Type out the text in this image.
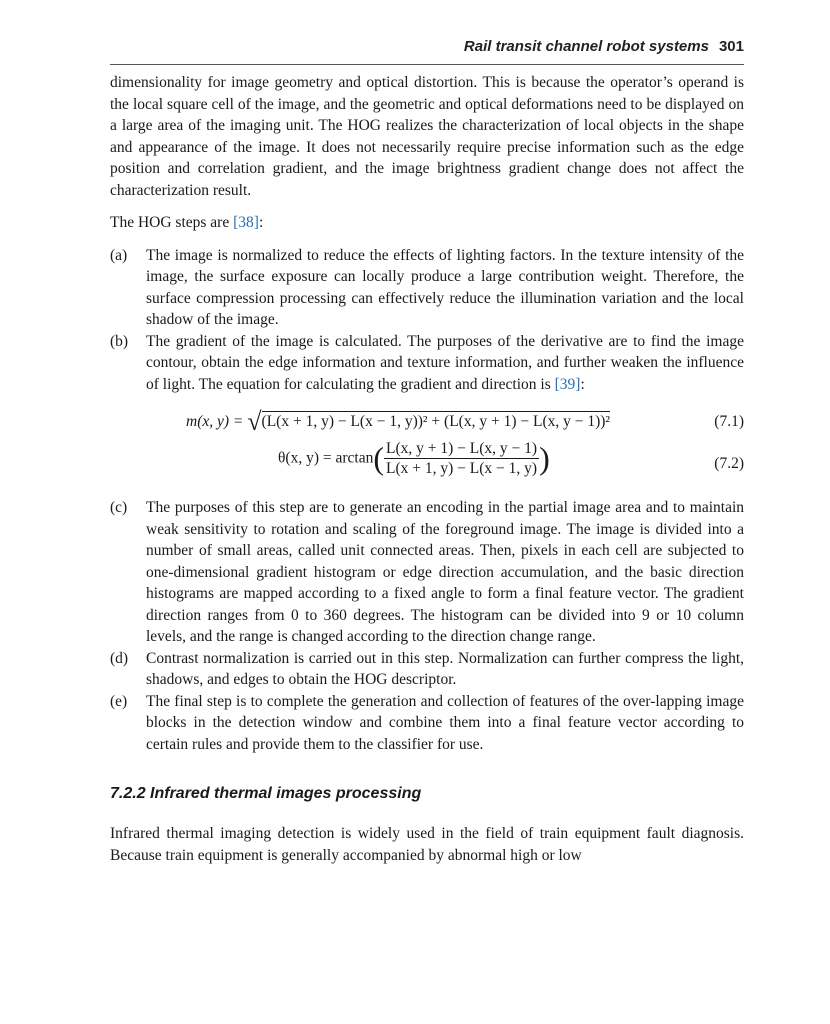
Rail transit channel robot systems 301

dimensionality for image geometry and optical distortion. This is because the operator’s operand is the local square cell of the image, and the geometric and optical deformations need to be displayed on a large area of the imaging unit. The HOG realizes the characterization of local objects in the shape and appearance of the image. It does not necessarily require precise information such as the edge position and correlation gradient, and the image brightness gradient change does not affect the characterization result.

The HOG steps are [38]:

(a) The image is normalized to reduce the effects of lighting factors. In the texture intensity of the image, the surface exposure can locally produce a large contribution weight. Therefore, the surface compression processing can effectively reduce the illumination variation and the local shadow of the image.
(b) The gradient of the image is calculated. The purposes of the derivative are to find the image contour, obtain the edge information and texture information, and further weaken the influence of light. The equation for calculating the gradient and direction is [39]:
m(x, y) = √(L(x + 1, y) − L(x − 1, y))² + (L(x, y + 1) − L(x, y − 1))²	(7.1)
θ(x, $y) = \arctan( \frac{L(x, y + 1) - L(x, y - 1)}{L(x + 1, y) - L(x - 1, y)}$ )	(7.2)
(c) The purposes of this step are to generate an encoding in the partial image area and to maintain weak sensitivity to rotation and scaling of the foreground image. The image is divided into a number of small areas, called unit connected areas. Then, pixels in each cell are subjected to one-dimensional gradient histogram or edge direction accumulation, and the basic direction histograms are mapped according to a fixed angle to form a final feature vector. The gradient direction ranges from 0 to 360 degrees. The histogram can be divided into 9 or 10 column levels, and the range is changed according to the direction change range.
(d) Contrast normalization is carried out in this step. Normalization can further compress the light, shadows, and edges to obtain the HOG descriptor.
(e) The final step is to complete the generation and collection of features of the over-lapping image blocks in the detection window and combine them into a final feature vector according to certain rules and provide them to the classifier for use.
7.2.2 Infrared thermal images processing

Infrared thermal imaging detection is widely used in the field of train equipment fault diagnosis. Because train equipment is generally accompanied by abnormal high or low
